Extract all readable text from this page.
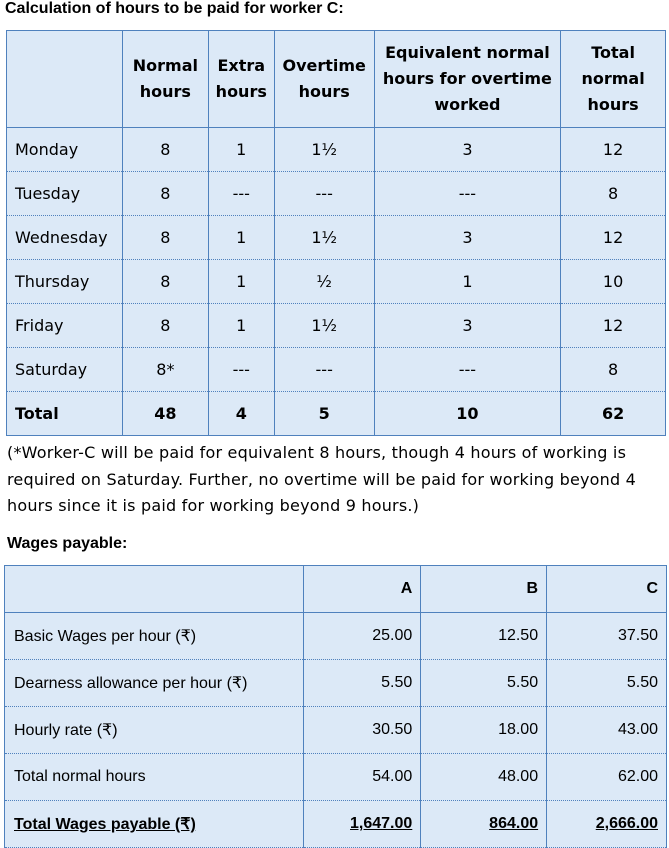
Calculation of hours to be paid for worker C:
	Normal hours	Extra hours	Overtime hours	Equivalent normal hours for overtime worked	Total normal hours
Monday	8	1	1½	3	12
Tuesday	8	---	---	---	8
Wednesday	8	1	1½	3	12
Thursday	8	1	½	1	10
Friday	8	1	1½	3	12
Saturday	8*	---	---	---	8
Total	48	4	5	10	62
(*Worker-C will be paid for equivalent 8 hours, though 4 hours of working is required on Saturday. Further, no overtime will be paid for working beyond 4 hours since it is paid for working beyond 9 hours.)
Wages payable:
	A	B	C
Basic Wages per hour (₹)	25.00	12.50	37.50
Dearness allowance per hour (₹)	5.50	5.50	5.50
Hourly rate (₹)	30.50	18.00	43.00
Total normal hours	54.00	48.00	62.00
Total Wages payable (₹)	1,647.00	864.00	2,666.00
